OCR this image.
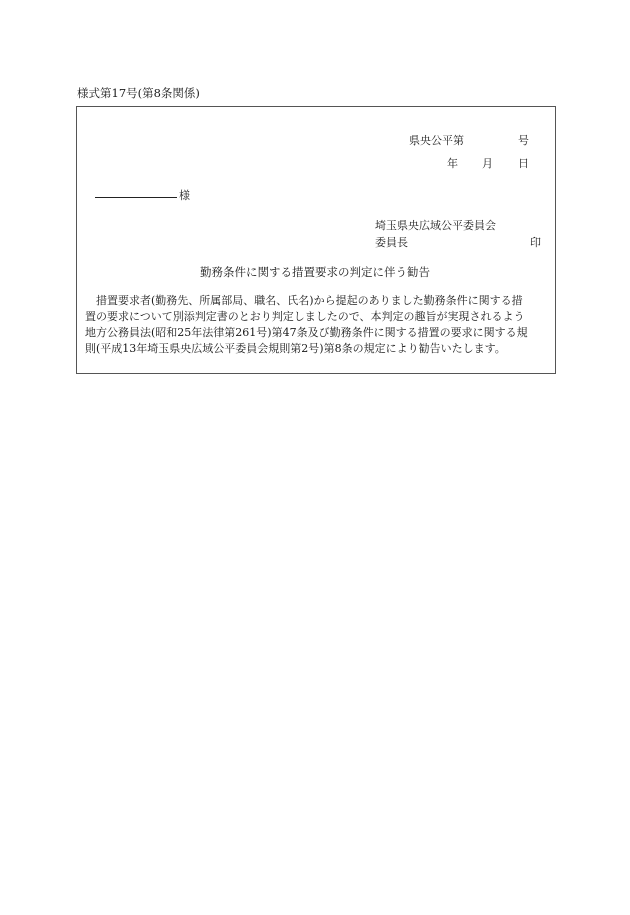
様式第17号(第8条関係)
県央公平第	号
年 月 日
様
埼玉県央広域公平委員会
委員長	印
勤務条件に関する措置要求の判定に伴う勧告
措置要求者(勤務先、所属部局、職名、氏名)から提起のありました勤務条件に関する措
置の要求について別添判定書のとおり判定しましたので、本判定の趣旨が実現されるよう
地方公務員法(昭和25年法律第261号)第47条及び勤務条件に関する措置の要求に関する規
則(平成13年埼玉県央広域公平委員会規則第2号)第8条の規定により勧告いたします。
